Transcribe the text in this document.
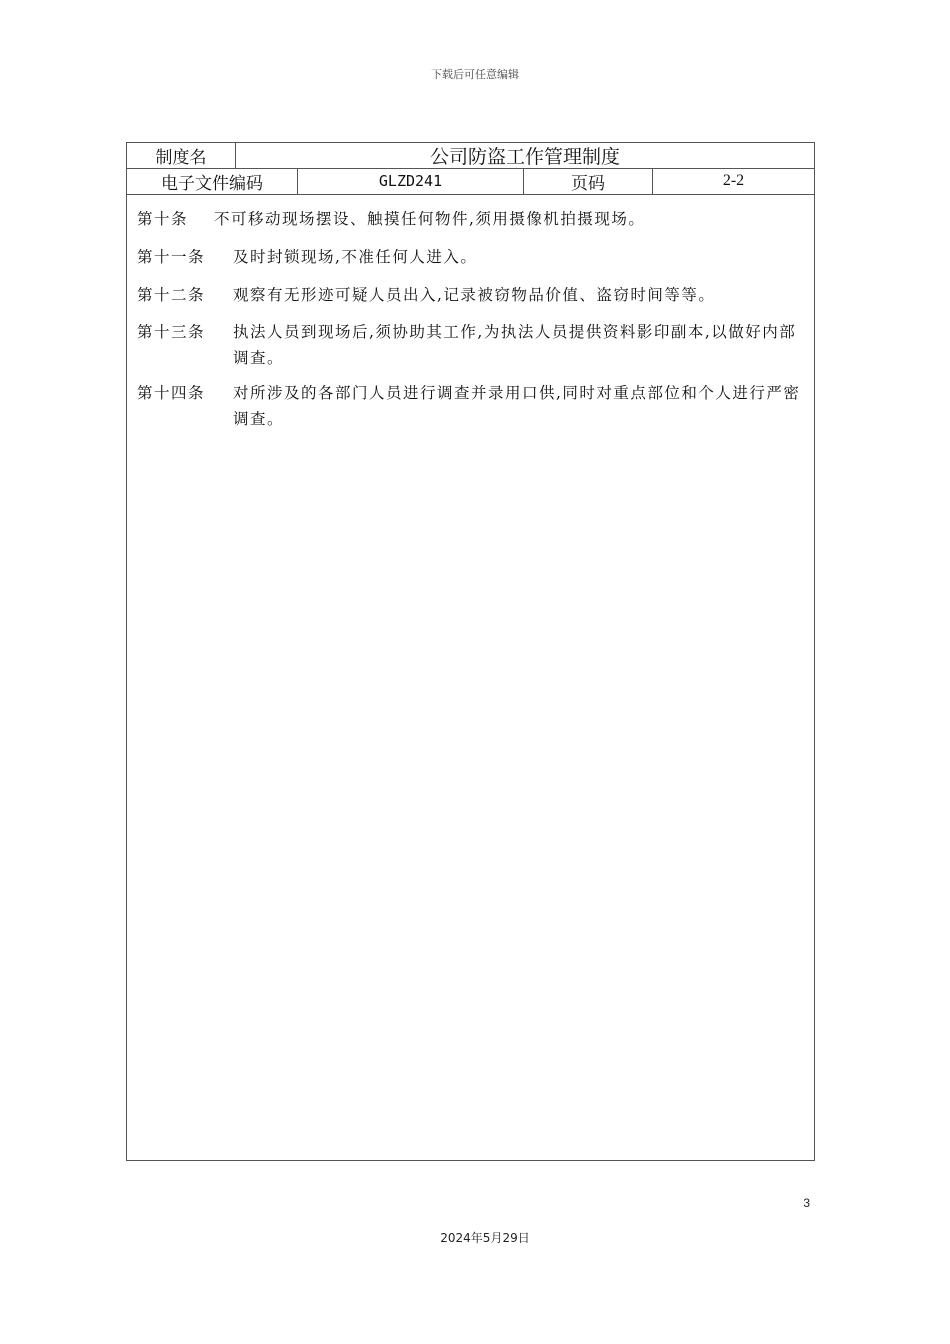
下载后可任意编辑
制度名	公司防盗工作管理制度
电子文件编码	GLZD241	页码	2-2
第十条 不可移动现场摆设、触摸任何物件,须用摄像机拍摄现场。
第十一条 及时封锁现场,不准任何人进入。
第十二条 观察有无形迹可疑人员出入,记录被窃物品价值、盗窃时间等等。
第十三条 执法人员到现场后,须协助其工作,为执法人员提供资料影印副本,以做好内部调查。
第十四条 对所涉及的各部门人员进行调查并录用口供,同时对重点部位和个人进行严密调查。
3
2024年5月29日
